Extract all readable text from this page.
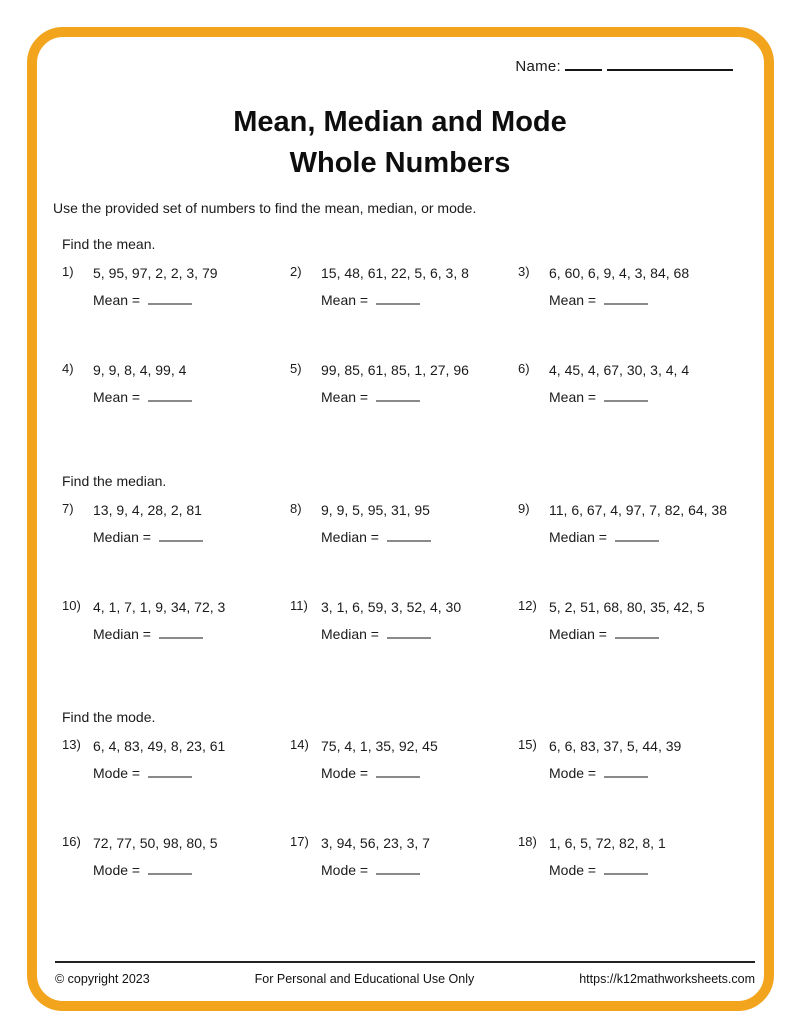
Name:
Mean, Median and Mode
Whole Numbers
Use the provided set of numbers to find the mean, median, or mode.
Find the mean.
1)	5, 95, 97, 2, 2, 3, 79
Mean =
2)	15, 48, 61, 22, 5, 6, 3, 8
Mean =
3)	6, 60, 6, 9, 4, 3, 84, 68
Mean =
4)	9, 9, 8, 4, 99, 4
Mean =
5)	99, 85, 61, 85, 1, 27, 96
Mean =
6)	4, 45, 4, 67, 30, 3, 4, 4
Mean =
Find the median.
7)	13, 9, 4, 28, 2, 81
Median =
8)	9, 9, 5, 95, 31, 95
Median =
9)	11, 6, 67, 4, 97, 7, 82, 64, 38
Median =
10) 4, 1, 7, 1, 9, 34, 72, 3
Median =
11) 3, 1, 6, 59, 3, 52, 4, 30
Median =
12) 5, 2, 51, 68, 80, 35, 42, 5
Median =
Find the mode.
13) 6, 4, 83, 49, 8, 23, 61
Mode =
14) 75, 4, 1, 35, 92, 45
Mode =
15) 6, 6, 83, 37, 5, 44, 39
Mode =
16) 72, 77, 50, 98, 80, 5
Mode =
17) 3, 94, 56, 23, 3, 7
Mode =
18) 1, 6, 5, 72, 82, 8, 1
Mode =
© copyright 2023	For Personal and Educational Use Only	https://k12mathworksheets.com
